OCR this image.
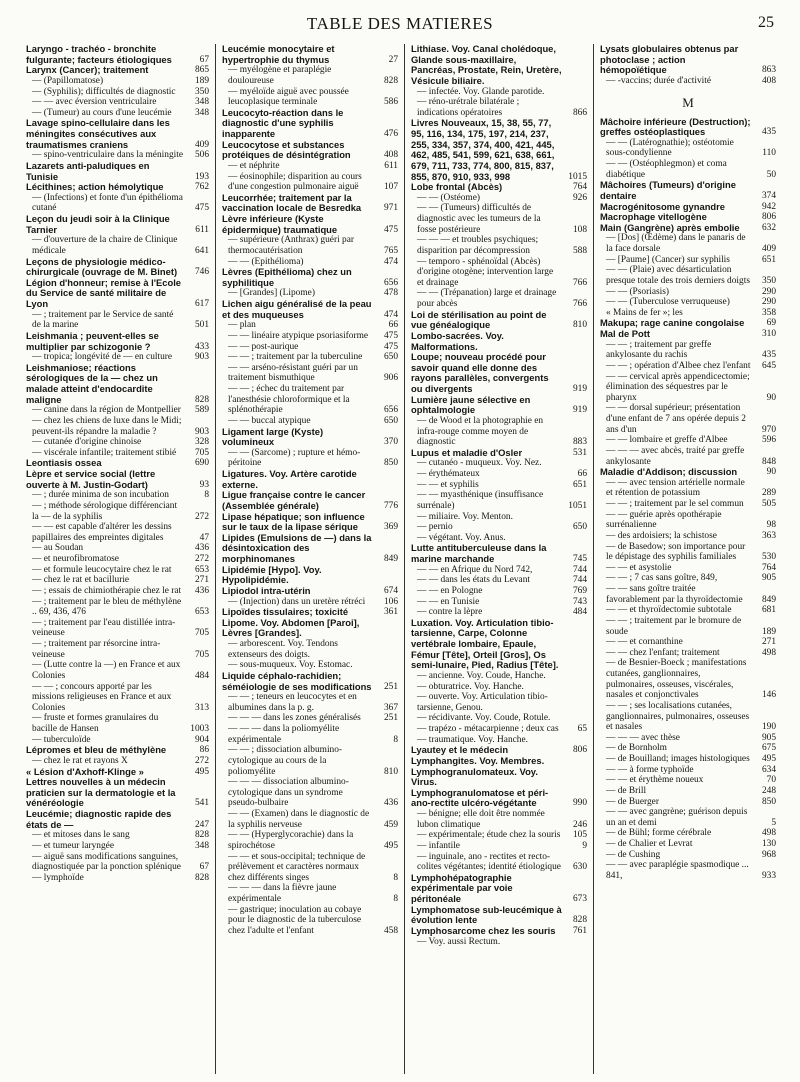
TABLE DES MATIERES	25
Laryngo - trachéo - bronchite fulgurante; facteurs étiologiques	67
Larynx (Cancer); traitement	865
— (Papillomatose)	189
— (Syphilis); difficultés de diagnostic	350
— — avec éversion ventriculaire	348
— (Tumeur) au cours d'une leucémie	348
Lavage spino-cellulaire dans les méningites consécutives aux traumatismes craniens	409
— spino-ventriculaire dans la méningite	506
Lazarets anti-paludiques en Tunisie	193
Lécithines; action hémolytique	762
— (Infections) et fonte d'un épithélioma cutané	475
Leçon du jeudi soir à la Clinique Tarnier	611
— d'ouverture de la chaire de Clinique médicale	641
Leçons de physiologie médico-chirurgicale (ouvrage de M. Binet)	746
Légion d'honneur; remise à l'Ecole du Service de santé militaire de Lyon	617
— ; traitement par le Service de santé de la marine	501
Leishmania ; peuvent-elles se multiplier par schizogonie ?	433
— tropica; longévité de — en culture	903
Leishmaniose; réactions sérologiques de la — chez un malade atteint d'endocardite maligne	828
— canine dans la région de Montpellier	589
— chez les chiens de luxe dans le Midi; peuvent-ils répandre la maladie ?	903
— cutanée d'origine chinoise	328
— viscérale infantile; traitement stibié	705
Leontiasis ossea	690
Lèpre et service social (lettre ouverte à M. Justin-Godart)	93
— ; durée minima de son incubation	8
— ; méthode sérologique différenciant la — de la syphilis	272
— — est capable d'altérer les dessins papillaires des empreintes digitales	47
— au Soudan	436
— et neurofibromatose	272
— et formule leucocytaire chez le rat	653
— chez le rat et bacillurie	271
— ; essais de chimiothérapie chez le rat	436
— ; traitement par le bleu de méthylène .. 69, 436, 476	653
— ; traitement par l'eau distillée intra-veineuse	705
— ; traitement par résorcine intra-veineuse	705
— (Lutte contre la —) en France et aux Colonies	484
— — ; concours apporté par les missions religieuses en France et aux Colonies	313
— fruste et formes granulaires du bacille de Hansen	1003
— tuberculoïde	904
Lépromes et bleu de méthylène	86
— chez le rat et rayons X	272
« Lésion d'Axhoff-Klinge »	495
Lettres nouvelles à un médecin praticien sur la dermatologie et la vénéréologie	541
Leucémie; diagnostic rapide des états de —	247
— et mitoses dans le sang	828
— et tumeur laryngée	348
— aiguë sans modifications sanguines, diagnostiquée par la ponction splénique	67
— lymphoïde	828
Leucémie monocytaire et hypertrophie du thymus	27
— myélogène et paraplégie douloureuse	828
— myéloïde aiguë avec poussée leucoplasique terminale	586
Leucocyto-réaction dans le diagnostic d'une syphilis inapparente	476
Leucocytose et substances protéiques de désintégration	408
— et néphrite	611
— éosinophile; disparition au cours d'une congestion pulmonaire aiguë	107
Leucorrhée; traitement par la vaccination locale de Besredka	971
Lèvre inférieure (Kyste épidermique) traumatique	475
— supérieure (Anthrax) guéri par thermocautérisation	765
— — (Epithélioma)	474
Lèvres (Epithélioma) chez un syphilitique	656
— [Grandes] (Lipome)	478
Lichen aigu généralisé de la peau et des muqueuses	474
— plan	66
— — linéaire atypique psoriasiforme	475
— — post-aurique	475
— — ; traitement par la tuberculine	650
— — arséno-résistant guéri par un traitement bismuthique	906
— — ; échec du traitement par l'anesthésie chloroformique et la splénothérapie	656
— — buccal atypique	650
Ligament large (Kyste) volumineux	370
— — (Sarcome) ; rupture et hémo-péritoine	850
Ligatures. Voy. Artère carotide externe.
Ligue française contre le cancer (Assemblée générale)	776
Lipase hépatique; son influence sur le taux de la lipase sérique	369
Lipides (Emulsions de —) dans la désintoxication des morphinomanes	849
Lipidémie [Hypo]. Voy. Hypolipidémie.
Lipiodol intra-utérin	674
— (Injection) dans un uretère rétréci	106
Lipoïdes tissulaires; toxicité	361
Lipome. Voy. Abdomen [Paroi], Lèvres [Grandes].
— arborescent. Voy. Tendons extenseurs des doigts.
— sous-muqueux. Voy. Estomac.
Liquide céphalo-rachidien; séméiologie de ses modifications	251
— — ; teneurs en leucocytes et en albumines dans la p. g.	367
— — — dans les zones généralisés	251
— — — dans la poliomyélite expérimentale	8
— — ; dissociation albumino-cytologique au cours de la poliomyélite	810
— — — dissociation albumino-cytologique dans un syndrome pseudo-bulbaire	436
— — (Examen) dans le diagnostic de la syphilis nerveuse	459
— — (Hyperglycorachie) dans la spirochétose	495
— — et sous-occipital; technique de prélèvement et caractères normaux chez différents singes	8
— — — dans la fièvre jaune expérimentale	8
— gastrique; inoculation au cobaye pour le diagnostic de la tuberculose chez l'adulte et l'enfant	458
Lithiase. Voy. Canal cholédoque, Glande sous-maxillaire, Pancréas, Prostate, Rein, Uretère, Vésicule biliaire.
— infectée. Voy. Glande parotide.
— réno-urétrale bilatérale ; indications opératoires	866
Livres Nouveaux, 15, 38, 55, 77, 95, 116, 134, 175, 197, 214, 237, 255, 334, 357, 374, 400, 421, 445, 462, 485, 541, 599, 621, 638, 661, 679, 711, 733, 774, 800, 815, 837, 855, 870, 910, 933, 998	1015
Lobe frontal (Abcès)	764
— — (Ostéome)	926
— — (Tumeurs) difficultés de diagnostic avec les tumeurs de la fosse postérieure	108
— — — et troubles psychiques; disparition par décompression	588
— temporo - sphénoïdal (Abcès) d'origine otogène; intervention large et drainage	766
— — (Trépanation) large et drainage pour abcès	766
Loi de stérilisation au point de vue généalogique	810
Lombo-sacrées. Voy. Malformations.
Loupe; nouveau procédé pour savoir quand elle donne des rayons parallèles, convergents ou divergents	919
Lumière jaune sélective en ophtalmologie	919
— de Wood et la photographie en infra-rouge comme moyen de diagnostic	883
Lupus et maladie d'Osler	531
— cutanéo - muqueux. Voy. Nez.
— érythémateux	66
— — et syphilis	651
— — myasthénique (insuffisance surrénale)	1051
— miliaire. Voy. Menton.
— pernio	650
— végétant. Voy. Anus.
Lutte antituberculeuse dans la marine marchande	745
— — en Afrique du Nord 742,	744
— — dans les états du Levant	744
— — en Pologne	769
— — en Tunisie	743
— contre la lèpre	484
Luxation. Voy. Articulation tibio-tarsienne, Carpe, Colonne vertébrale lombaire, Epaule, Fémur [Tête], Orteil [Gros], Os semi-lunaire, Pied, Radius [Tête].
— ancienne. Voy. Coude, Hanche.
— obturatrice. Voy. Hanche.
— ouverte. Voy. Articulation tibio-tarsienne, Genou.
— récidivante. Voy. Coude, Rotule.
— trapézo - métacarpienne ; deux cas	65
— traumatique. Voy. Hanche.
Lyautey et le médecin	806
Lymphangites. Voy. Membres.
Lymphogranulomateux. Voy. Virus.
Lymphogranulomatose et péri-ano-rectite ulcéro-végétante	990
— bénigne; elle doit être nommée lubon climatique	246
— expérimentale; étude chez la souris	105
— infantile	9
— inguinale, ano - rectites et recto-colites végétantes; identité étiologique	630
Lymphohépatographie expérimentale par voie péritonéale	673
Lymphomatose sub-leucémique à évolution lente	828
Lymphosarcome chez les souris	761
— Voy. aussi Rectum.
Lysats globulaires obtenus par photoclase ; action hémopoïétique	863
— -vaccins; durée d'activité	408
M
Mâchoire inférieure (Destruction); greffes ostéoplastiques	435
— — (Latérognathie); ostéotomie sous-condylienne	110
— — (Ostéophlegmon) et coma diabétique	50
Mâchoires (Tumeurs) d'origine dentaire	374
Macrogénitosome gynandre	942
Macrophage vitellogène	806
Main (Gangrène) après embolie	632
— [Dos] (Œdème) dans le panaris de la face dorsale	409
— [Paume] (Cancer) sur syphilis	651
— — (Plaie) avec désarticulation presque totale des trois derniers doigts	350
— — (Psoriasis)	290
— — (Tuberculose verruqueuse)	290
« Mains de fer »; les	358
Makupa; rage canine congolaise	69
Mal de Pott	310
— — ; traitement par greffe ankylosante du rachis	435
— — ; opération d'Albee chez l'enfant	645
— — cervical après appendicectomie; élimination des séquestres par le pharynx	90
— — dorsal supérieur; présentation d'une enfant de 7 ans opérée depuis 2 ans d'un	970
— — lombaire et greffe d'Albee	596
— — — avec abcès, traité par greffe ankylosante	848
Maladie d'Addison; discussion	90
— — avec tension artérielle normale et rétention de potassium	289
— — ; traitement par le sel commun	505
— — guérie après opothérapie surrénalienne	98
— des ardoisiers; la schistose	363
— de Basedow; son importance pour le dépistage des syphilis familiales	530
— — et asystolie	764
— — ; 7 cas sans goître, 849,	905
— — sans goître traitée favorablement par la thyroïdectomie	849
— — et thyroïdectomie subtotale	681
— — ; traitement par le bromure de soude	189
— — et cornanthine	271
— — chez l'enfant; traitement	498
— de Besnier-Boeck ; manifestations cutanées, ganglionnaires, pulmonaires, osseuses, viscérales, nasales et conjonctivales	146
— — ; ses localisations cutanées, ganglionnaires, pulmonaires, osseuses et nasales	190
— — — avec thèse	905
— de Bornholm	675
— de Bouilland; images histologiques	495
— — à forme typhoïde	634
— — et érythème noueux	70
— de Brill	248
— de Buerger	850
— — avec gangrène; guérison depuis un an et demi	5
— de Bühl; forme cérébrale	498
— de Chalier et Levrat	130
— de Cushing	968
— — avec paraplégie spasmodique ... 841,	933
